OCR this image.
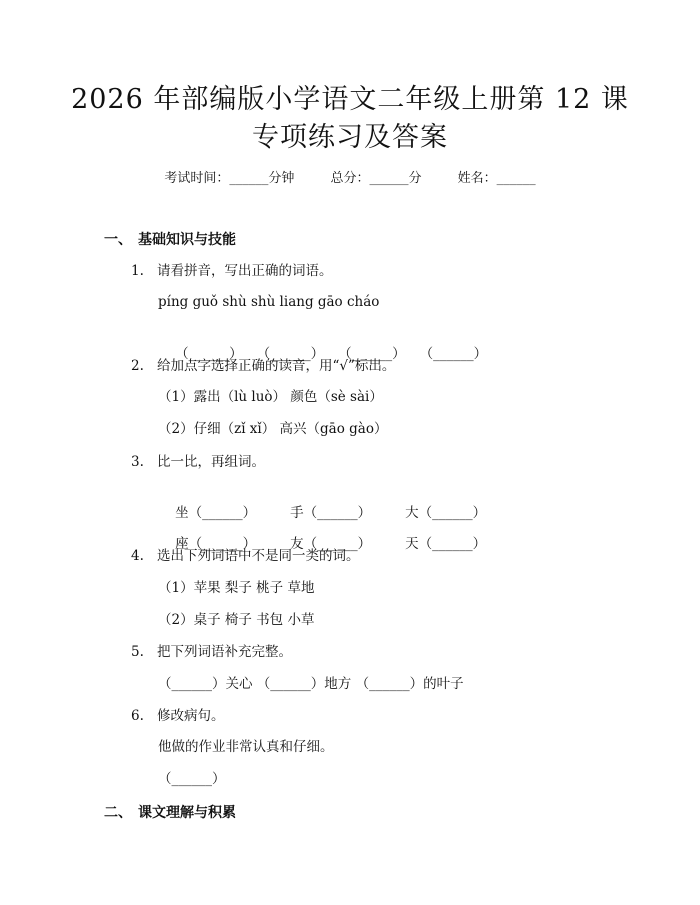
2026 年部编版小学语文二年级上册第 12 课
专项练习及答案
考试时间：______分钟	总分：______分	姓名：______
一、 基础知识与技能
1. 请看拼音，写出正确的词语。
píng guǒ shù shù liang gāo cháo

（______） （______） （______） （______）

2. 给加点字选择正确的读音，用“√”标出。
（1）露出（lù luò） 颜色（sè sài）
（2）仔细（zǐ xǐ） 高兴（gāo gào）
3. 比一比，再组词。

坐（______）	手（______）	大（______）

座（______）	友（______）	天（______）

4. 选出下列词语中不是同一类的词。
（1）苹果 梨子 桃子 草地
（2）桌子 椅子 书包 小草
5. 把下列词语补充完整。
（______）关心 （______）地方 （______）的叶子
6. 修改病句。
他做的作业非常认真和仔细。
（______）
二、 课文理解与积累
